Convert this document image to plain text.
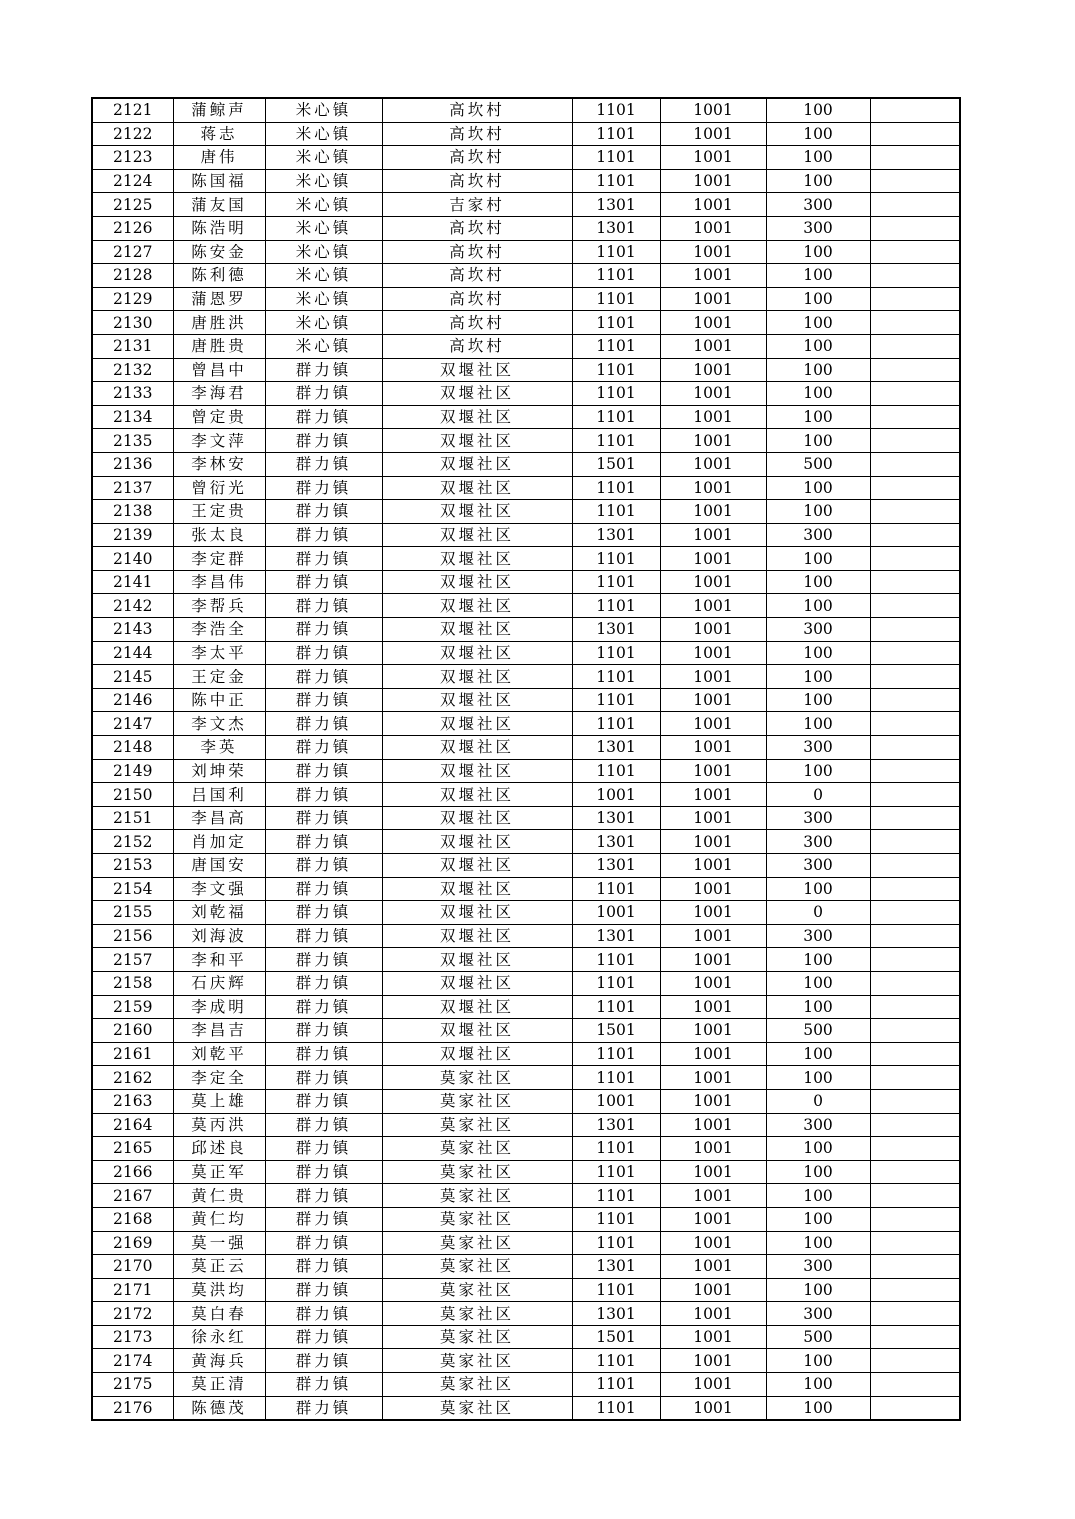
2121	蒲鲸声	米心镇	高坎村	1101	1001	100	
2122	蒋志	米心镇	高坎村	1101	1001	100	
2123	唐伟	米心镇	高坎村	1101	1001	100	
2124	陈国福	米心镇	高坎村	1101	1001	100	
2125	蒲友国	米心镇	吉家村	1301	1001	300	
2126	陈浩明	米心镇	高坎村	1301	1001	300	
2127	陈安金	米心镇	高坎村	1101	1001	100	
2128	陈利德	米心镇	高坎村	1101	1001	100	
2129	蒲恩罗	米心镇	高坎村	1101	1001	100	
2130	唐胜洪	米心镇	高坎村	1101	1001	100	
2131	唐胜贵	米心镇	高坎村	1101	1001	100	
2132	曾昌中	群力镇	双堰社区	1101	1001	100	
2133	李海君	群力镇	双堰社区	1101	1001	100	
2134	曾定贵	群力镇	双堰社区	1101	1001	100	
2135	李文萍	群力镇	双堰社区	1101	1001	100	
2136	李林安	群力镇	双堰社区	1501	1001	500	
2137	曾衍光	群力镇	双堰社区	1101	1001	100	
2138	王定贵	群力镇	双堰社区	1101	1001	100	
2139	张太良	群力镇	双堰社区	1301	1001	300	
2140	李定群	群力镇	双堰社区	1101	1001	100	
2141	李昌伟	群力镇	双堰社区	1101	1001	100	
2142	李帮兵	群力镇	双堰社区	1101	1001	100	
2143	李浩全	群力镇	双堰社区	1301	1001	300	
2144	李太平	群力镇	双堰社区	1101	1001	100	
2145	王定金	群力镇	双堰社区	1101	1001	100	
2146	陈中正	群力镇	双堰社区	1101	1001	100	
2147	李文杰	群力镇	双堰社区	1101	1001	100	
2148	李英	群力镇	双堰社区	1301	1001	300	
2149	刘坤荣	群力镇	双堰社区	1101	1001	100	
2150	吕国利	群力镇	双堰社区	1001	1001	0	
2151	李昌高	群力镇	双堰社区	1301	1001	300	
2152	肖加定	群力镇	双堰社区	1301	1001	300	
2153	唐国安	群力镇	双堰社区	1301	1001	300	
2154	李文强	群力镇	双堰社区	1101	1001	100	
2155	刘乾福	群力镇	双堰社区	1001	1001	0	
2156	刘海波	群力镇	双堰社区	1301	1001	300	
2157	李和平	群力镇	双堰社区	1101	1001	100	
2158	石庆辉	群力镇	双堰社区	1101	1001	100	
2159	李成明	群力镇	双堰社区	1101	1001	100	
2160	李昌吉	群力镇	双堰社区	1501	1001	500	
2161	刘乾平	群力镇	双堰社区	1101	1001	100	
2162	李定全	群力镇	莫家社区	1101	1001	100	
2163	莫上雄	群力镇	莫家社区	1001	1001	0	
2164	莫丙洪	群力镇	莫家社区	1301	1001	300	
2165	邱述良	群力镇	莫家社区	1101	1001	100	
2166	莫正军	群力镇	莫家社区	1101	1001	100	
2167	黄仁贵	群力镇	莫家社区	1101	1001	100	
2168	黄仁均	群力镇	莫家社区	1101	1001	100	
2169	莫一强	群力镇	莫家社区	1101	1001	100	
2170	莫正云	群力镇	莫家社区	1301	1001	300	
2171	莫洪均	群力镇	莫家社区	1101	1001	100	
2172	莫白春	群力镇	莫家社区	1301	1001	300	
2173	徐永红	群力镇	莫家社区	1501	1001	500	
2174	黄海兵	群力镇	莫家社区	1101	1001	100	
2175	莫正清	群力镇	莫家社区	1101	1001	100	
2176	陈德茂	群力镇	莫家社区	1101	1001	100	
